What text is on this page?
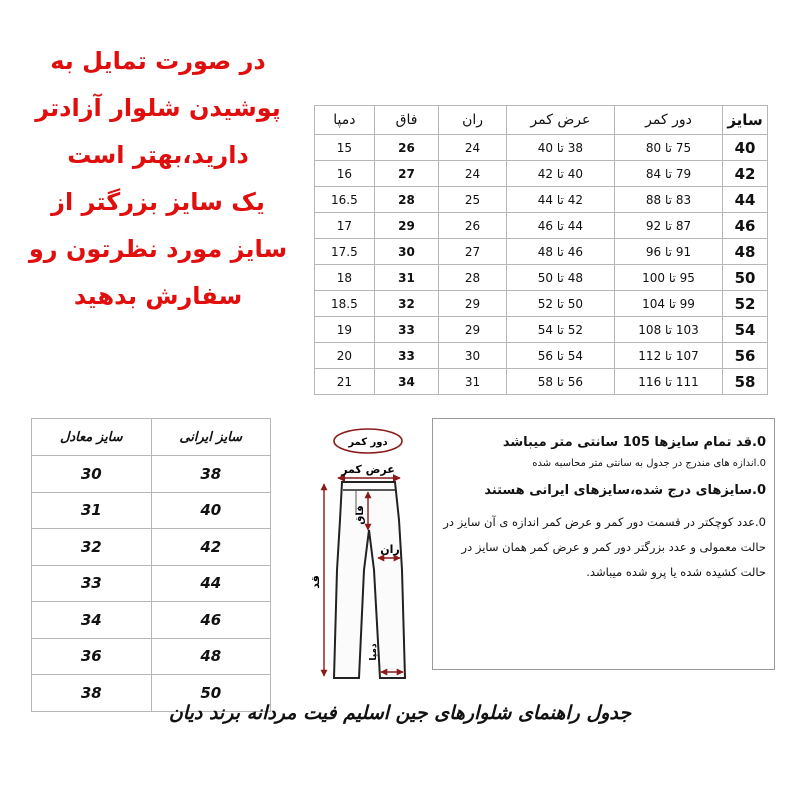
در صورت تمایل به
پوشیدن شلوار آزادتر
دارید،بهتر است
یک سایز بزرگتر از
سایز مورد نظرتون رو
سفارش بدهید
سایز	دور کمر	عرض کمر	ران	فاق	دمپا
40	75 تا 80	38 تا 40	24	26	15
42	79 تا 84	40 تا 42	24	27	16
44	83 تا 88	42 تا 44	25	28	16.5
46	87 تا 92	44 تا 46	26	29	17
48	91 تا 96	46 تا 48	27	30	17.5
50	95 تا 100	48 تا 50	28	31	18
52	99 تا 104	50 تا 52	29	32	18.5
54	103 تا 108	52 تا 54	29	33	19
56	107 تا 112	54 تا 56	30	33	20
58	111 تا 116	56 تا 58	31	34	21
سایز ایرانی	سایز معادل
38	30
40	31
42	32
44	33
46	34
48	36
50	38
دور کمر
عرض کمر
فاق
ران
قد
دمپا
0.قد تمام سایزها 105 سانتی متر میباشد
0.اندازه های مندرج در جدول به سانتی متر محاسبه شده
0.سایزهای درج شده،سایزهای ایرانی هستند
0.عدد کوچکتر در قسمت دور کمر و عرض کمر اندازه ی آن سایز در حالت معمولی و عدد بزرگتر دور کمر و عرض کمر همان سایز در حالت کشیده شده یا پرو شده میباشد.
جدول راهنمای شلوارهای جین اسلیم فیت مردانه برند دیان
